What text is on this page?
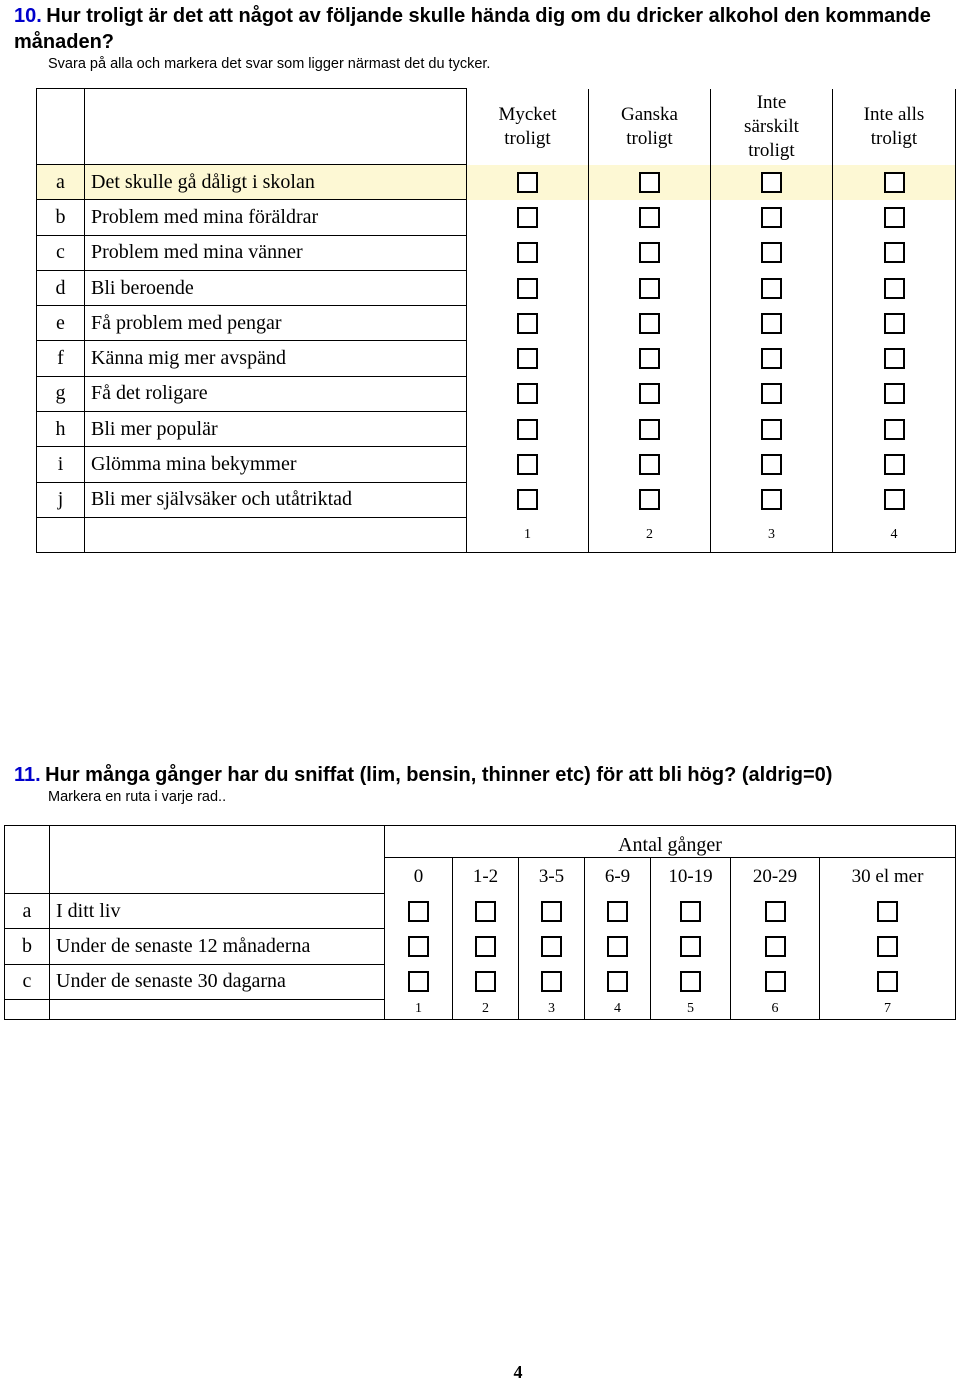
10. Hur troligt är det att något av följande skulle hända dig om du dricker alkohol den kommande månaden?
Svara på alla och markera det svar som ligger närmast det du tycker.
		Mycket troligt	Ganska troligt	Inte särskilt troligt	Inte alls troligt
a	Det skulle gå dåligt i skolan				
b	Problem med mina föräldrar				
c	Problem med mina vänner				
d	Bli beroende				
e	Få problem med pengar				
f	Känna mig mer avspänd				
g	Få det roligare				
h	Bli mer populär				
i	Glömma mina bekymmer				
j	Bli mer självsäker och utåtriktad				
		1	2	3	4
11. Hur många gånger har du sniffat (lim, bensin, thinner etc) för att bli hög? (aldrig=0)
Markera en ruta i varje rad..
		Antal gånger						
		0	1-2	3-5	6-9	10-19	20-29	30 el mer
a	I ditt liv							
b	Under de senaste 12 månaderna							
c	Under de senaste 30 dagarna							
		1	2	3	4	5	6	7
4
